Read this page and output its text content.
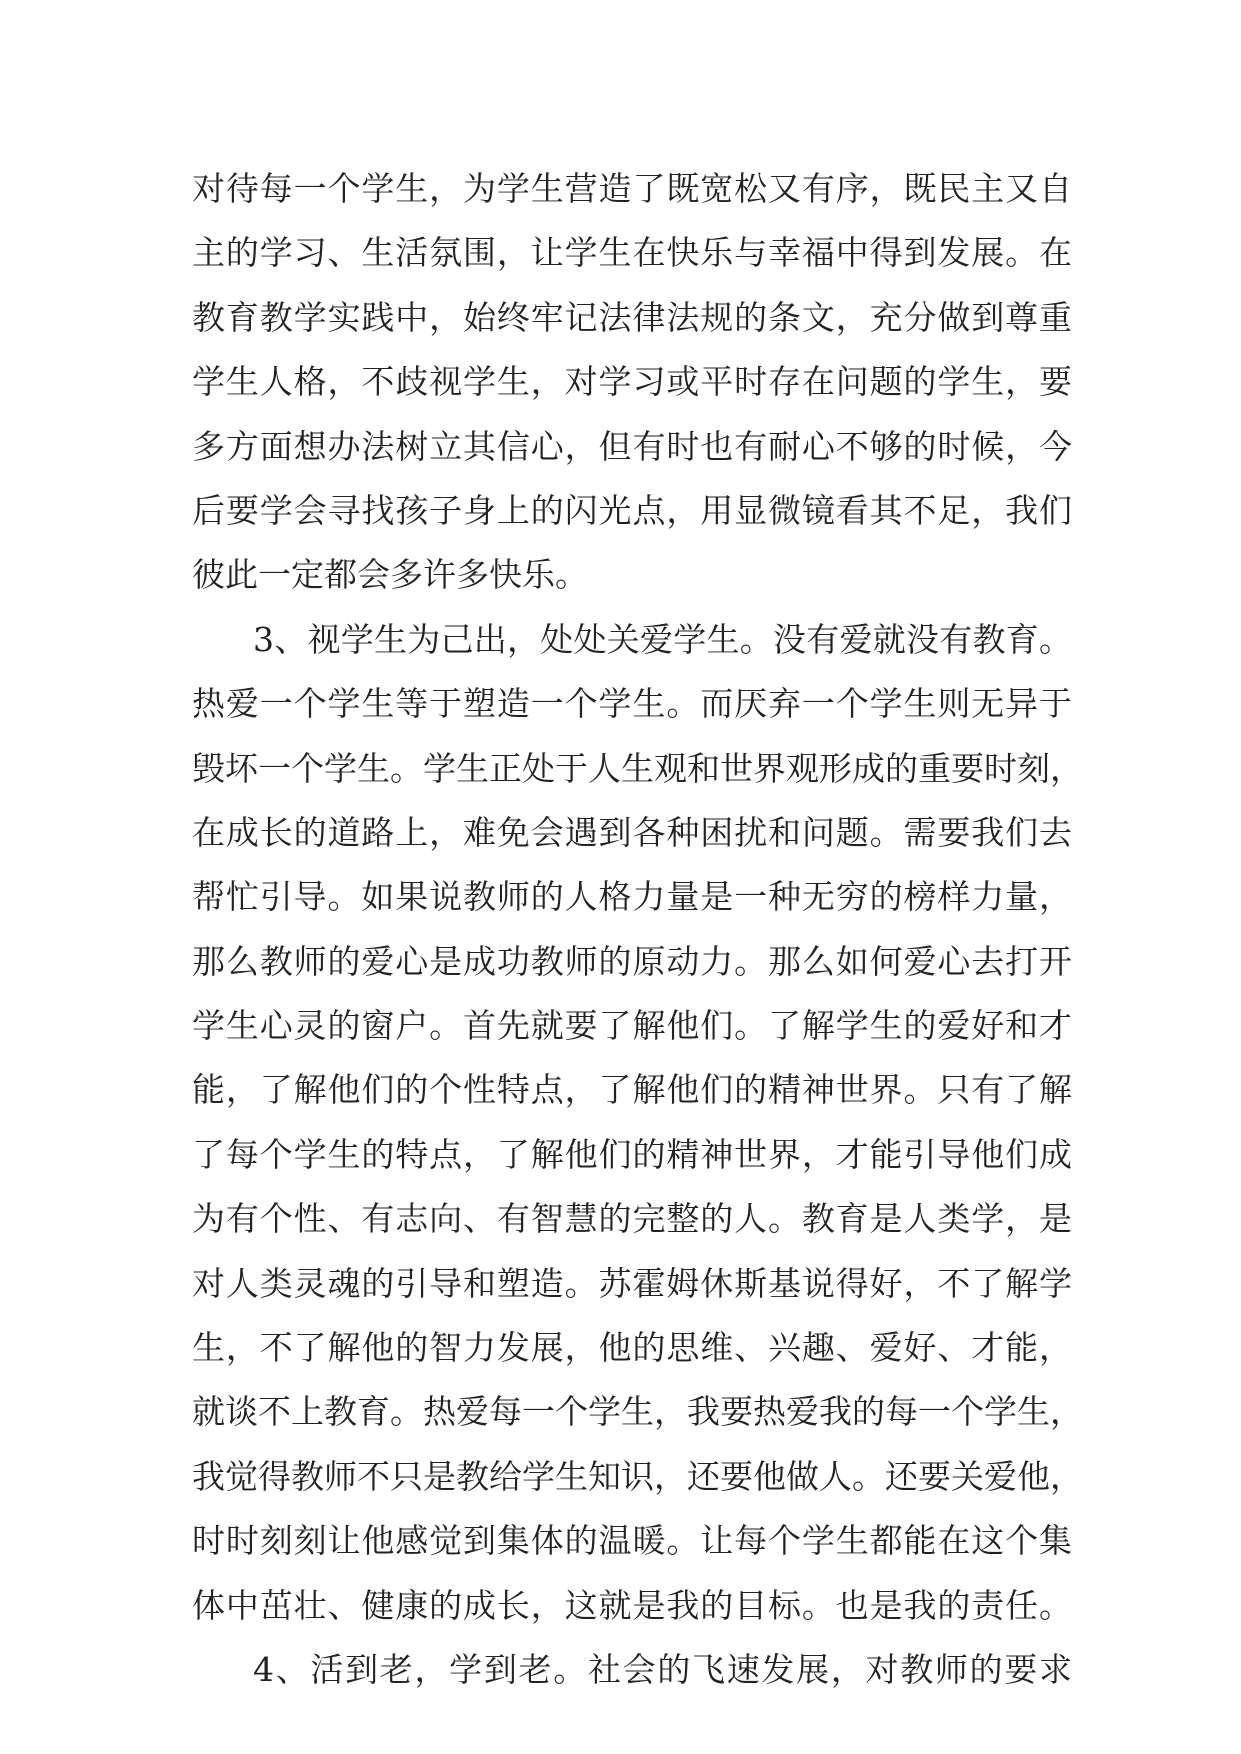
对待每一个学生，为学生营造了既宽松又有序，既民主又自
主的学习、生活氛围，让学生在快乐与幸福中得到发展。在
教育教学实践中，始终牢记法律法规的条文，充分做到尊重
学生人格，不歧视学生，对学习或平时存在问题的学生，要
多方面想办法树立其信心，但有时也有耐心不够的时候，今
后要学会寻找孩子身上的闪光点，用显微镜看其不足，我们
彼此一定都会多许多快乐。
3、视学生为己出，处处关爱学生。没有爱就没有教育。
热爱一个学生等于塑造一个学生。而厌弃一个学生则无异于
毁坏一个学生。学生正处于人生观和世界观形成的重要时刻，
在成长的道路上，难免会遇到各种困扰和问题。需要我们去
帮忙引导。如果说教师的人格力量是一种无穷的榜样力量，
那么教师的爱心是成功教师的原动力。那么如何爱心去打开
学生心灵的窗户。首先就要了解他们。了解学生的爱好和才
能，了解他们的个性特点，了解他们的精神世界。只有了解
了每个学生的特点，了解他们的精神世界，才能引导他们成
为有个性、有志向、有智慧的完整的人。教育是人类学，是
对人类灵魂的引导和塑造。苏霍姆休斯基说得好，不了解学
生，不了解他的智力发展，他的思维、兴趣、爱好、才能，
就谈不上教育。热爱每一个学生，我要热爱我的每一个学生，
我觉得教师不只是教给学生知识，还要他做人。还要关爱他，
时时刻刻让他感觉到集体的温暖。让每个学生都能在这个集
体中茁壮、健康的成长，这就是我的目标。也是我的责任。
4、活到老，学到老。社会的飞速发展，对教师的要求
